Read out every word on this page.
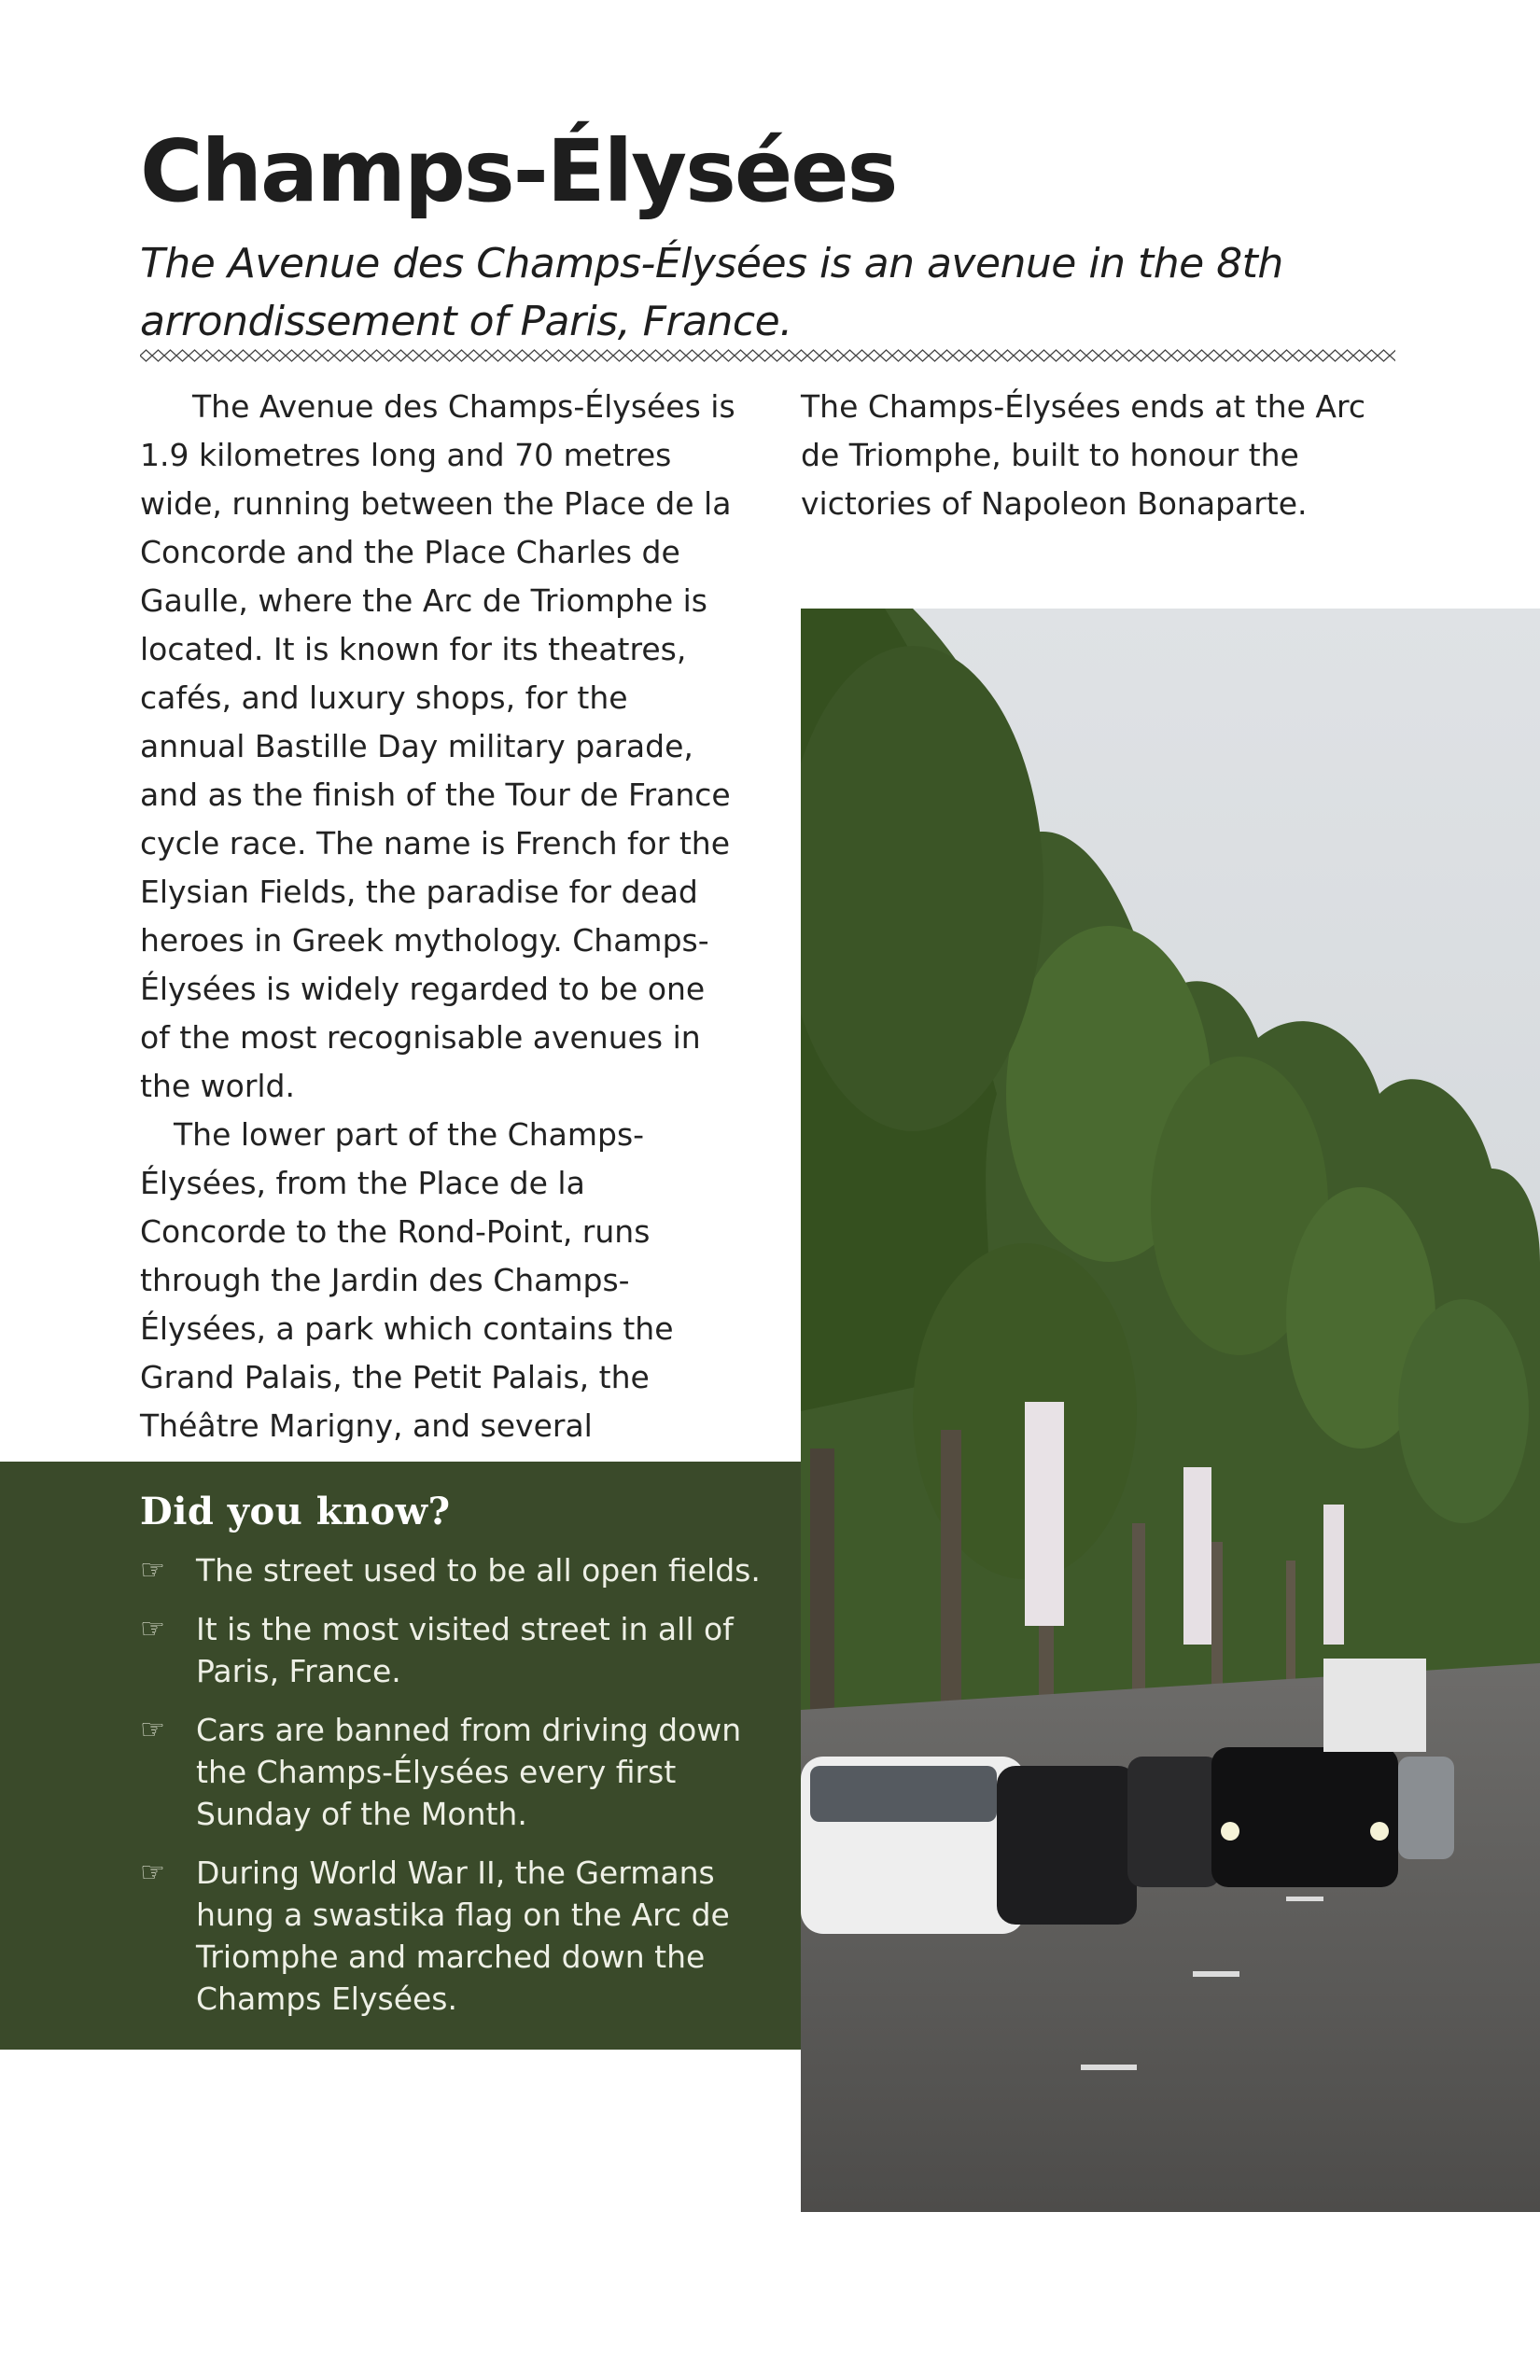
Champs-Élysées
The Avenue des Champs-Élysées is an avenue in the 8th arrondissement of Paris, France.

The Avenue des Champs-Élysées is 1.9 kilometres long and 70 metres wide, running between the Place de la Concorde and the Place Charles de Gaulle, where the Arc de Triomphe is located. It is known for its theatres, cafés, and luxury shops, for the annual Bastille Day military parade, and as the finish of the Tour de France cycle race. The name is French for the Elysian Fields, the paradise for dead heroes in Greek mythology. Champs-Élysées is widely regarded to be one of the most recognisable avenues in the world.

The lower part of the Champs-Élysées, from the Place de la Concorde to the Rond-Point, runs through the Jardin des Champs-Élysées, a park which contains the Grand Palais, the Petit Palais, the Théâtre Marigny, and several

The Champs-Élysées ends at the Arc de Triomphe, built to honour the victories of Napoleon Bonaparte.

Did you know?
☞ The street used to be all open fields.
☞ It is the most visited street in all of Paris, France.
☞ Cars are banned from driving down the Champs-Élysées every first Sunday of the Month.
☞ During World War II, the Germans hung a swastika flag on the Arc de Triomphe and marched down the Champs Elysées.
